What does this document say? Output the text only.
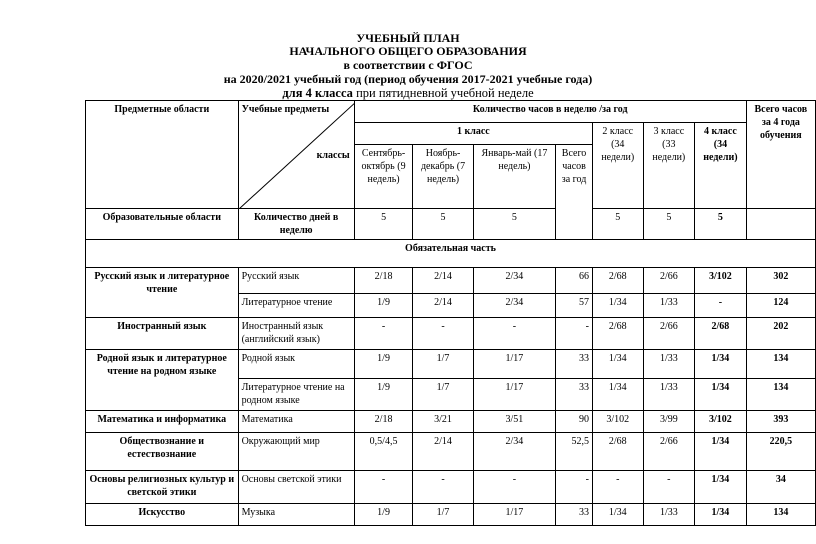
УЧЕБНЫЙ ПЛАН
НАЧАЛЬНОГО ОБЩЕГО ОБРАЗОВАНИЯ
в соответствии с ФГОС
на 2020/2021 учебный год (период обучения 2017-2021 учебные года)
для 4 класса при пятидневной учебной неделе
Предметные области	Учебные предметы
классы	Количество часов в неделю /за год							Всего часов за 4 года обучения
		1 класс				2 класс (34 недели)	3 класс (33 недели)	4 класс (34 недели)	
		Сентябрь-октябрь (9 недель)	Ноябрь-декабрь (7 недель)	Январь-май (17 недель)	Всего часов за год				
Образовательные области	Количество дней в неделю	5	5	5		5	5	5	
Обязательная часть									
Русский язык и литературное чтение	Русский язык	2/18	2/14	2/34	66	2/68	2/66	3/102	302
	Литературное чтение	1/9	2/14	2/34	57	1/34	1/33	-	124
Иностранный язык	Иностранный язык (английский язык)	-	-	-	-	2/68	2/66	2/68	202
Родной язык и литературное чтение на родном языке	Родной язык	1/9	1/7	1/17	33	1/34	1/33	1/34	134
	Литературное чтение на родном языке	1/9	1/7	1/17	33	1/34	1/33	1/34	134
Математика и информатика	Математика	2/18	3/21	3/51	90	3/102	3/99	3/102	393
Обществознание и естествознание	Окружающий мир	0,5/4,5	2/14	2/34	52,5	2/68	2/66	1/34	220,5
Основы религиозных культур и светской этики	Основы светской этики	-	-	-	-	-	-	1/34	34
Искусство	Музыка	1/9	1/7	1/17	33	1/34	1/33	1/34	134
